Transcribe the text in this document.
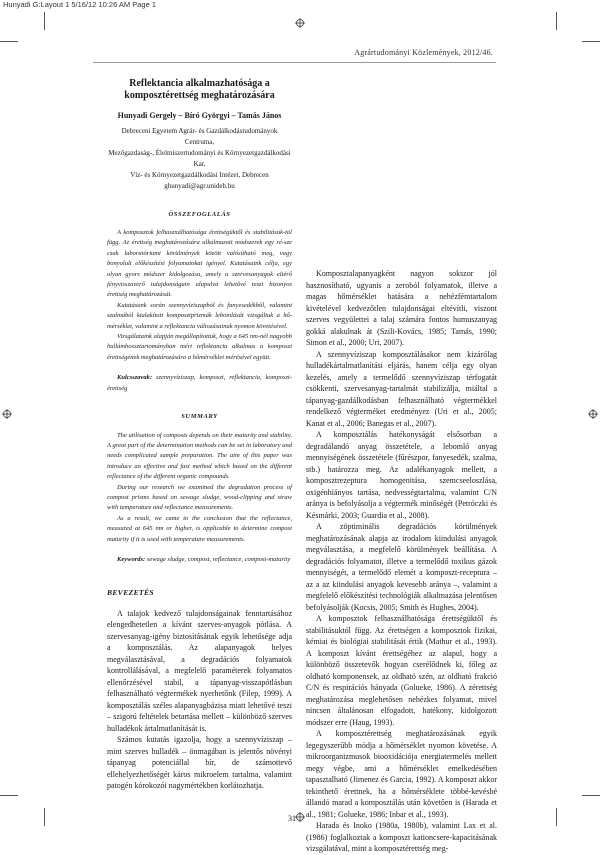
Hunyadi G:Layout 1 5/16/12 10:26 AM Page 1
Agrártudományi Közlemények, 2012/46.
Reflektancia alkalmazhatósága a
komposztérettség meghatározására
Hunyadi Gergely – Bíró Györgyi – Tamás János

Debreceni Egyetem Agrár- és Gazdálkodástudományok Centruma,

Mezőgazdaság-, Élelmiszertudományi és Környezetgazdálkodási Kar,

Víz- és Környezetgazdálkodási Intézet, Debrecen

ghunyadi@agr.unideb.hu

ÖSSZEFOGLALÁS

A komposztok felhasználhatósága érettségüktől és stabilitásuk-tól függ. Az érettség meghatározására alkalmazott módszerek egy ré-sze csak laboratóriumi körülmények között valósítható meg, vagy bonyolult előkészítési folyamatokat igényel. Kutatásaink célja, egy olyan gyors módszer kidolgozása, amely a szervesanyagok eltérő fényvisszaverő tulajdonságain alapulva lehetővé teszi bizonyos érettség meghatározását.

Kutatásunk során szennyvíziszapból és fanyesedékből, valamint szalmából kialakított komposztprizmák lebomlását vizsgáltuk a hő-mérséklet, valamint a reflektancia változásainak nyomon követésével.

Vizsgálataink alapján megállapítottuk, hogy a 645 nm-nél nagyobb hullámhossztartományban mért reflektancia alkalmas a komposzt érettségének meghatározására a hőmérséklet mérésével együtt.

Kulcsszavak: szennyvíziszap, komposzt, reflektancia, komposzt-érettség

SUMMARY

The utilisation of composts depends on their maturity and stability. A great part of the determination methods can be set in laboratory and needs complicated sample preparation. The aim of this paper was introduce an effective and fast method which based on the different reflectance of the different organic compounds.

During our research we examined the degradation process of compost prisms based on sewage sludge, wood-clipping and straw with temperature and reflectance measurements.

As a result, we came to the conclusion that the reflectance, measured at 645 nm or higher, is applicable to determine compost maturity if it is used with temperature measurements.

Keywords: sewage sludge, compost, reflectance, compost-maturity

BEVEZETÉS

A talajok kedvező tulajdonságainak fenntartásához elengedhetetlen a kívánt szerves-anyagok pótlása. A szervesanyag-igény biztosításának egyik lehetősége adja a komposztálás. Az alapanyagok helyes megválasztásával, a degradációs folyamatok kontrollálásával, a megfelelő paraméterek folyamatos ellenőrzésével stabil, a tápanyag-visszapótlásban felhasználható végtermékek nyerhetőnk (Filep, 1999). A komposztálás széles alapanyagbázisa miatt lehetővé teszi – szigorú feltételek betartása mellett – különböző szerves hulladékok ártalmatlanítását is.

Számos kutatás igazolja, hogy a szennyvíziszap – mint szerves hulladék – önmagában is jelentős növényi tápanyag potenciállal bír, de számottevő ellehelyezhetőségét káros mikroelem tartalma, valamint patogén kórokozói nagymértékben korlátozhatja.

Komposztalapanyagként nagyon sokszor jól hasznosítható, ugyanis a zeroból folyamatok, illetve a magas hőmérséklet hatására a nehézfémtartalom kivételével kedvezőtlen tulajdonságai eltévítli, viszont szerves vegyülettei a talaj számára fontos humuszanyag gokká alakulnak át (Szili-Kovács, 1985; Tamás, 1990; Simon et al., 2000; Uri, 2007).

A szennyvíziszap komposztálásakor nem kizárólag hulladékártalmatlanítási eljárás, hanem célja egy olyan kezelés, amely a termelődő szennyvíziszap térfogatát csökkenti, szervesanyag-tartalmát stabilizálja, miáltal a tápanyag-gazdálkodásban felhasználható végtermékkel rendelkező végterméket eredményez (Uri et al., 2005; Kanat et al., 2006; Banegas et al., 2007).

A komposztálás hatékonyságát elsősorban a degradálandó anyag összetétele, a lebomló anyag mennyiségének összetétele (fűrészpor, fanyesedék, szalma, stb.) határozza meg. Az adalékanyagok mellett, a komposztrezeptura homogenitása, szemcseeloszlása, oxigénhiányos tartása, nedvességtartalma, valamint C/N aránya is befolyásolja a végtermék minőségét (Petróczki és Késmárki, 2003; Guardia et al., 2008).

A zöptiminális degradációs körülmények meghatározásának alapja az irodalom kiindulási anyagok megválasztása, a megfelelő körülmények beállítása. A degradációs folyamatot, illetve a termelődő toxikus gázok mennyiségét, a termelődő elemét a komposzt-receptura – az a az kiindulási anyagok kevesebb aránya –, valamint a megfelelő előkészítési technológiák alkalmazása jelentősen befolyásolják (Kocsis, 2005; Smith és Hughes, 2004).

A komposztok felhasználhatósága érettségüktől és stabilitásuktól függ. Az érettségen a komposztok fizikai, kémiai és biológiai stabilitását értik (Mathur et al., 1993). A komposzt kívánt érettségéhez az alapul, hogy a különböző összetevők hogyan cserélődnek ki, főleg az oldható komponensek, az oldható szén, az oldható frakció C/N és respirációs hányada (Golueke, 1986). A zérettség meghatározása meglehetősen nehézkes folyamat, mivel nincsen általánosan elfogadott, hatékony, kidolgozott módszer erre (Haug, 1993).

A komposztérettség meghatározásának egyik legegyszerűbb módja a hőmérséklet nyomon követése. A mikroorganizmusok biooxidációja energiatermelés mellett megy végbe, ami a hőmérséklet emelkedésében tapasztalható (Jimenez és Garcia, 1992). A komposzt akkor tekinthető érettnek, ha a hőmérséklete többé-kevésbé állandó marad a komposztálás után követően is (Harada et al., 1981; Golueke, 1986; Inbar et al., 1993).

Harada és Inoko (1980a, 1980b), valamint Lax et al. (1986) foglalkoztak a komposzt kationcsere-kapacitásának vizsgálatával, mint a komposztérettség meg-

31
